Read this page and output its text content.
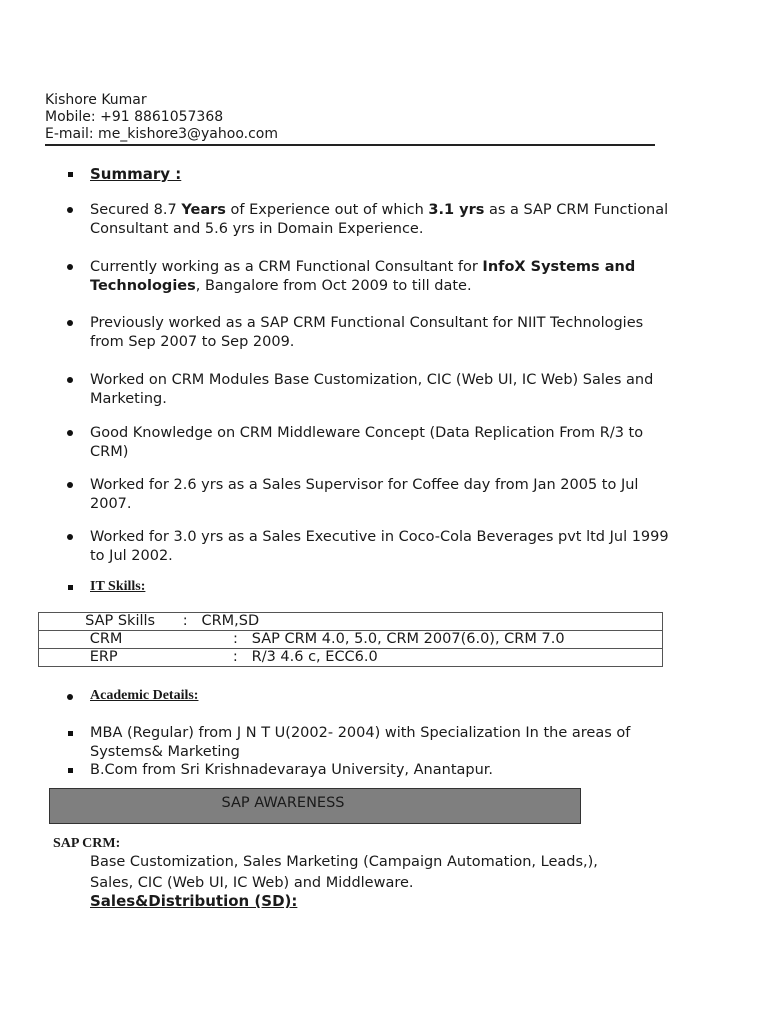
Kishore Kumar
Mobile: +91 8861057368
E-mail: me_kishore3@yahoo.com
Summary :
Secured 8.7 Years of Experience out of which 3.1 yrs as a SAP CRM Functional Consultant and 5.6 yrs in Domain Experience.
Currently working as a CRM Functional Consultant for InfoX Systems and Technologies, Bangalore from Oct 2009 to till date.
Previously worked as a SAP CRM Functional Consultant for NIIT Technologies from Sep 2007 to Sep 2009.
Worked on CRM Modules Base Customization, CIC (Web UI, IC Web) Sales and Marketing.
Good Knowledge on CRM Middleware Concept (Data Replication From R/3 to CRM)
Worked for 2.6 yrs as a Sales Supervisor for Coffee day from Jan 2005 to Jul 2007.
Worked for 3.0 yrs as a Sales Executive in Coco-Cola Beverages pvt ltd Jul 1999 to Jul 2002.
IT Skills:
SAP Skills      :   CRM,SD
CRM                        :   SAP CRM 4.0, 5.0, CRM 2007(6.0), CRM 7.0
ERP                         :   R/3 4.6 c, ECC6.0
Academic Details:
MBA (Regular) from J N T U(2002- 2004) with Specialization In the areas of Systems& Marketing
B.Com from Sri Krishnadevaraya University, Anantapur.
SAP AWARENESS
SAP CRM:
Base Customization, Sales Marketing (Campaign Automation, Leads,), Sales, CIC (Web UI, IC Web) and Middleware.
Sales&Distribution (SD):
